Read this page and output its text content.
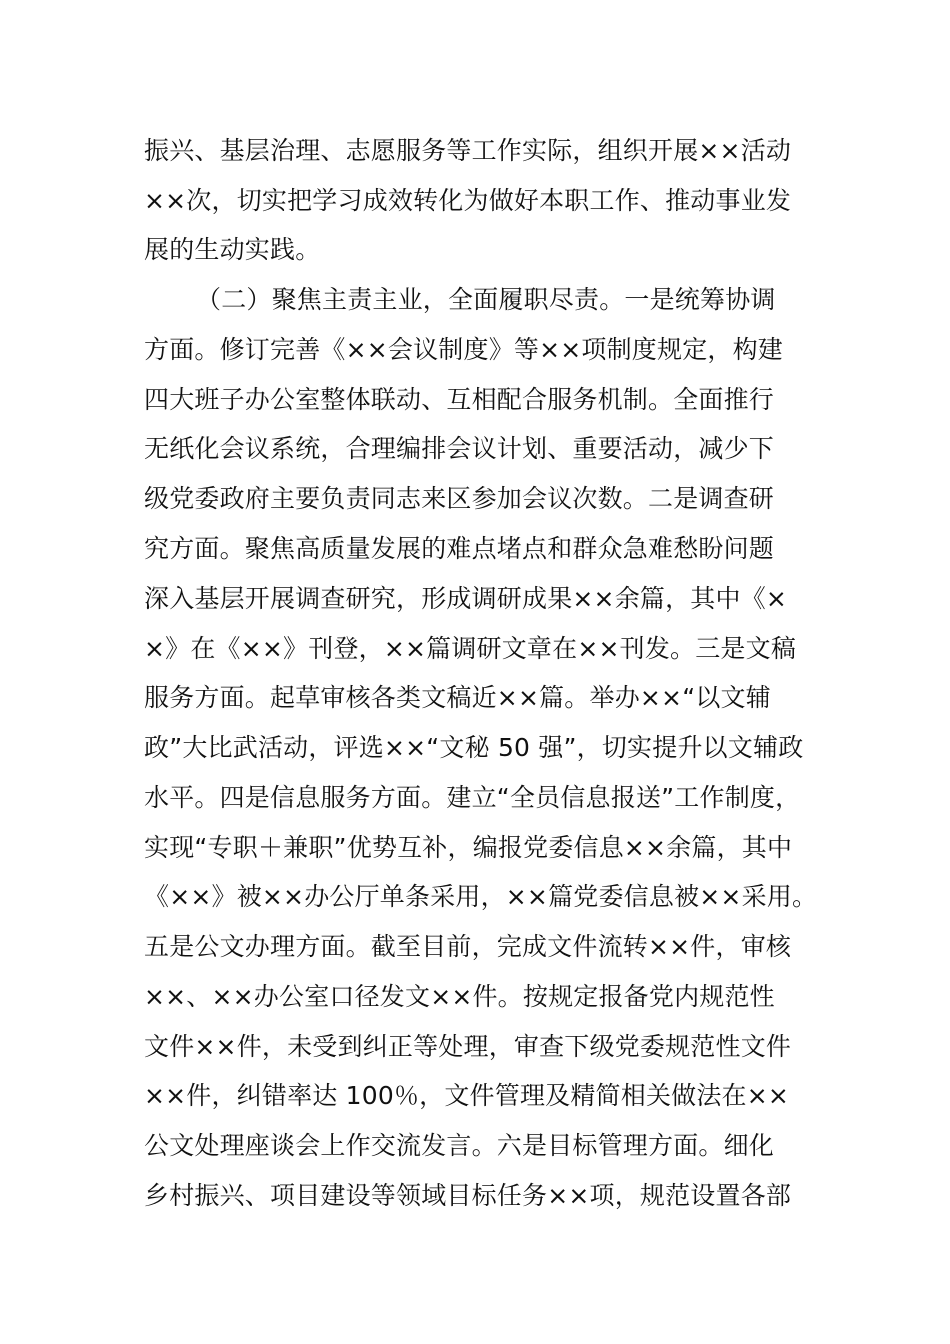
振兴、基层治理、志愿服务等工作实际，组织开展××活动
××次，切实把学习成效转化为做好本职工作、推动事业发
展的生动实践。
（二）聚焦主责主业，全面履职尽责。一是统筹协调
方面。修订完善《××会议制度》等××项制度规定，构建
四大班子办公室整体联动、互相配合服务机制。全面推行
无纸化会议系统，合理编排会议计划、重要活动，减少下
级党委政府主要负责同志来区参加会议次数。二是调查研
究方面。聚焦高质量发展的难点堵点和群众急难愁盼问题
深入基层开展调查研究，形成调研成果××余篇，其中《×
×》在《××》刊登，××篇调研文章在××刊发。三是文稿
服务方面。起草审核各类文稿近××篇。举办××“以文辅
政”大比武活动，评选××“文秘 50 强”，切实提升以文辅政
水平。四是信息服务方面。建立“全员信息报送”工作制度，
实现“专职＋兼职”优势互补，编报党委信息××余篇，其中
《××》被××办公厅单条采用，××篇党委信息被××采用。
五是公文办理方面。截至目前，完成文件流转××件，审核
××、××办公室口径发文××件。按规定报备党内规范性
文件××件，未受到纠正等处理，审查下级党委规范性文件
××件，纠错率达 100％，文件管理及精简相关做法在××
公文处理座谈会上作交流发言。六是目标管理方面。细化
乡村振兴、项目建设等领域目标任务××项，规范设置各部
